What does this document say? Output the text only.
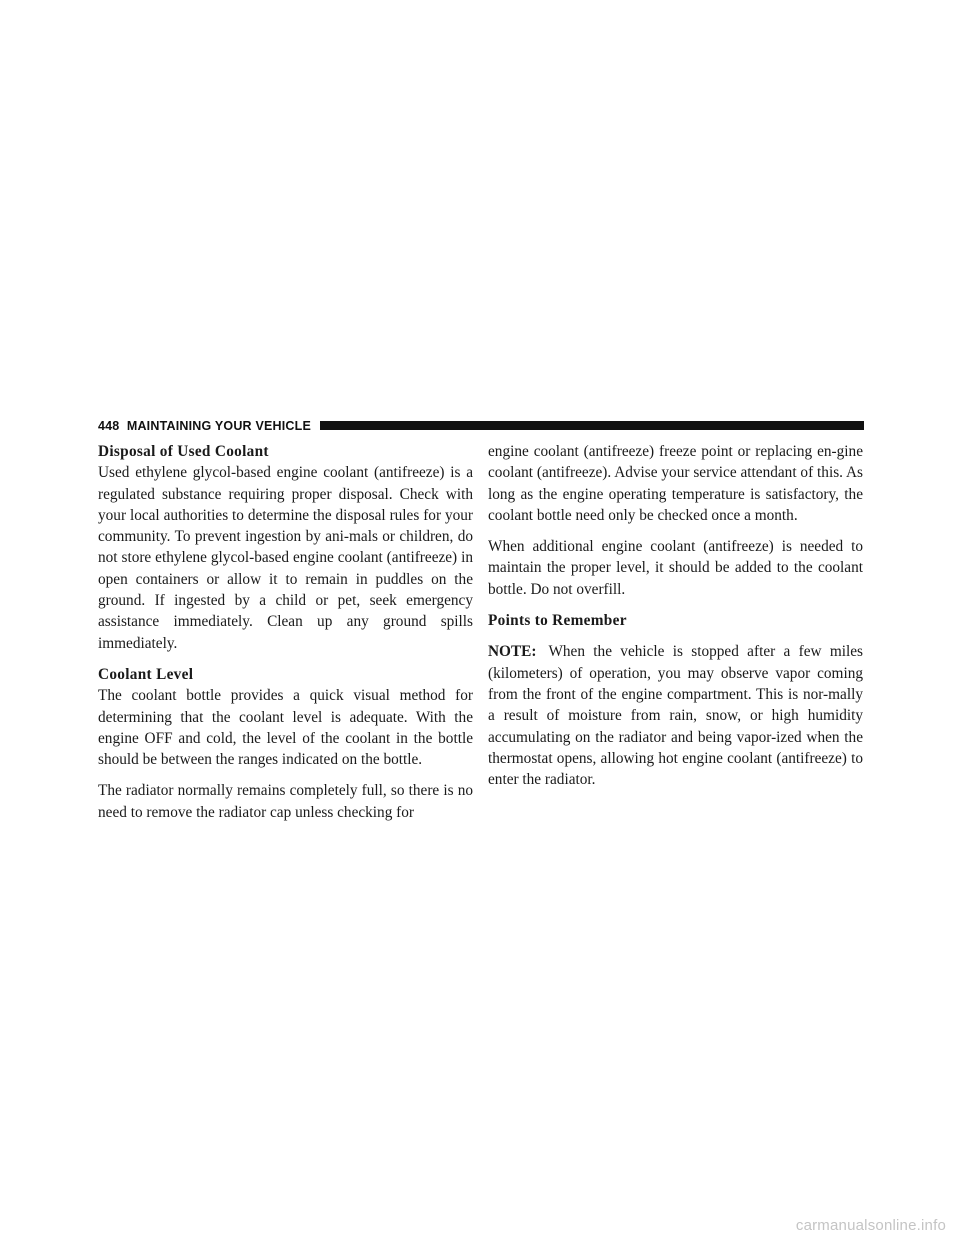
448 MAINTAINING YOUR VEHICLE
Disposal of Used Coolant

Used ethylene glycol-based engine coolant (antifreeze) is a regulated substance requiring proper disposal. Check with your local authorities to determine the disposal rules for your community. To prevent ingestion by ani-mals or children, do not store ethylene glycol-based engine coolant (antifreeze) in open containers or allow it to remain in puddles on the ground. If ingested by a child or pet, seek emergency assistance immediately. Clean up any ground spills immediately.

Coolant Level

The coolant bottle provides a quick visual method for determining that the coolant level is adequate. With the engine OFF and cold, the level of the coolant in the bottle should be between the ranges indicated on the bottle.

The radiator normally remains completely full, so there is no need to remove the radiator cap unless checking for

engine coolant (antifreeze) freeze point or replacing en-gine coolant (antifreeze). Advise your service attendant of this. As long as the engine operating temperature is satisfactory, the coolant bottle need only be checked once a month.

When additional engine coolant (antifreeze) is needed to maintain the proper level, it should be added to the coolant bottle. Do not overfill.

Points to Remember

NOTE: When the vehicle is stopped after a few miles (kilometers) of operation, you may observe vapor coming from the front of the engine compartment. This is nor-mally a result of moisture from rain, snow, or high humidity accumulating on the radiator and being vapor-ized when the thermostat opens, allowing hot engine coolant (antifreeze) to enter the radiator.

carmanualsonline.info
